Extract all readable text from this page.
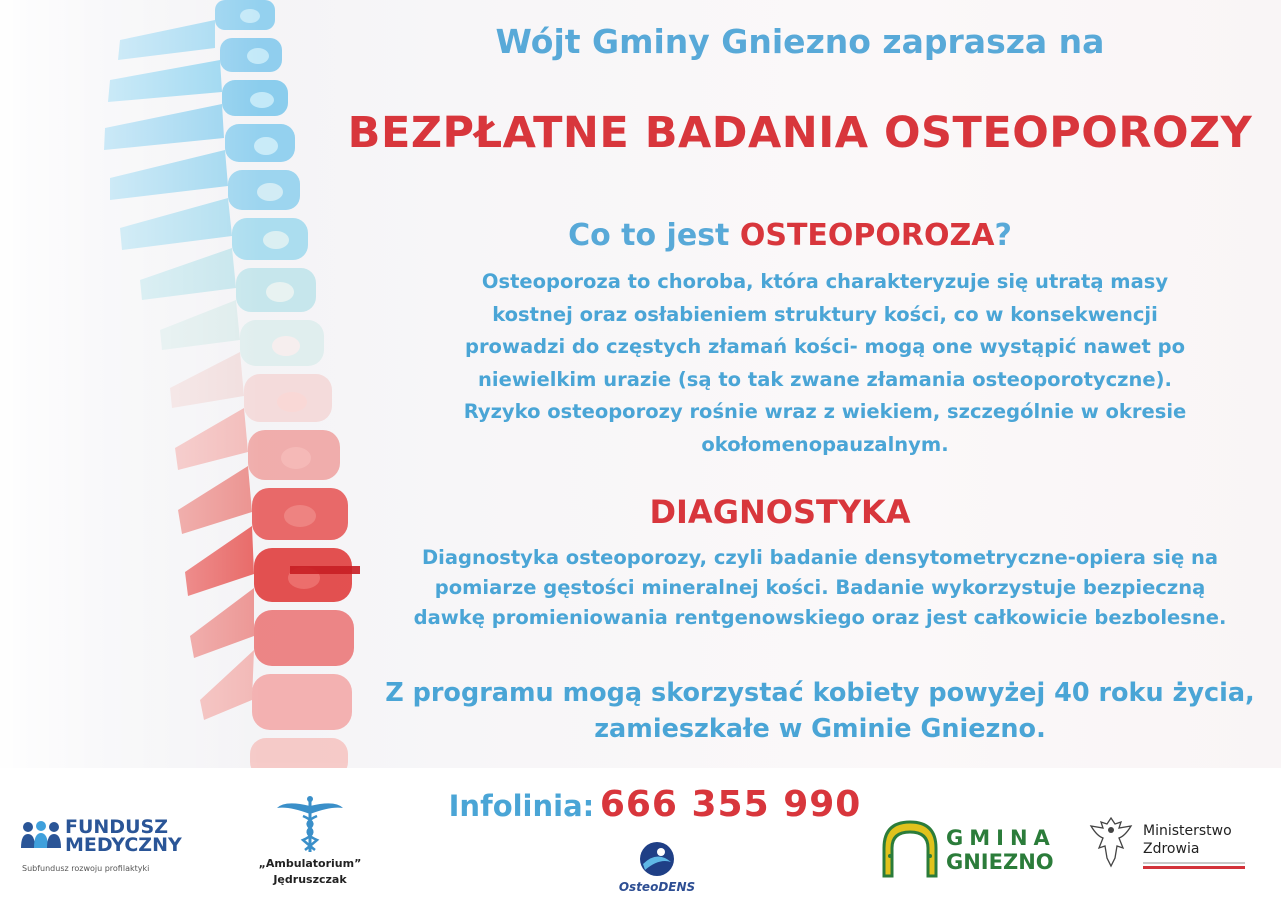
Wójt Gminy Gniezno zaprasza na

BEZPŁATNE BADANIA OSTEOPOROZY

Co to jest OSTEOPOROZA?

Osteoporoza to choroba, która charakteryzuje się utratą masy
kostnej oraz osłabieniem struktury kości, co w konsekwencji
prowadzi do częstych złamań kości- mogą one wystąpić nawet po
niewielkim urazie (są to tak zwane złamania osteoporotyczne).
Ryzyko osteoporozy rośnie wraz z wiekiem, szczególnie w okresie
okołomenopauzalnym.

DIAGNOSTYKA

Diagnostyka osteoporozy, czyli badanie densytometryczne-opiera się na
pomiarze gęstości mineralnej kości. Badanie wykorzystuje bezpieczną
dawkę promieniowania rentgenowskiego oraz jest całkowicie bezbolesne.
Z programu mogą skorzystać kobiety powyżej 40 roku życia,
zamieszkałe w Gminie Gniezno.
Infolinia: 666 355 990
FUNDUSZ
MEDYCZNY
Subfundusz rozwoju profilaktyki	„Ambulatorium”
Jędruszczak
OsteoDENS
GMINA
GNIEZNO
Ministerstwo
Zdrowia
